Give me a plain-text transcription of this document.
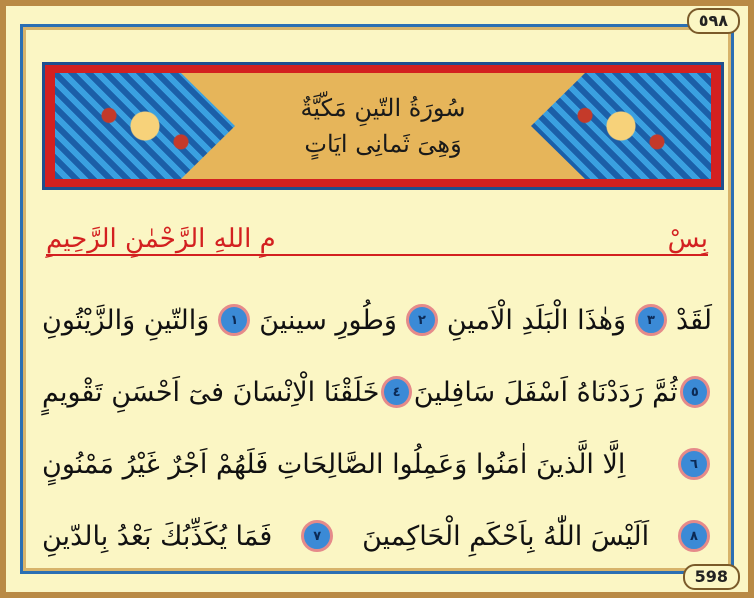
٥٩٨
سُورَةُ التّينِ مَكّيَّةٌ
وَهِىَ ثَمانِى ايَاتٍ
بِسْ
مِ اللهِ الرَّحْمٰنِ الرَّحِيمِ
وَالتّينِ وَالزَّيْتُونِ	١ وَطُورِ سينينَ	٢ وَهٰذَا الْبَلَدِ الْاَمينِ	٣ لَقَدْ
خَلَقْنَا الْاِنْسَانَ فىٓ اَحْسَنِ تَقْويمٍ	٤ ثُمَّ رَدَدْنَاهُ اَسْفَلَ سَافِلينَ	٥
اِلَّا الَّذينَ اٰمَنُوا وَعَمِلُوا الصَّالِحَاتِ فَلَهُمْ اَجْرٌ غَيْرُ مَمْنُونٍ	٦
فَمَا يُكَذِّبُكَ بَعْدُ بِالدّينِ	٧	اَلَيْسَ اللّٰهُ بِاَحْكَمِ الْحَاكِمينَ	٨
598
